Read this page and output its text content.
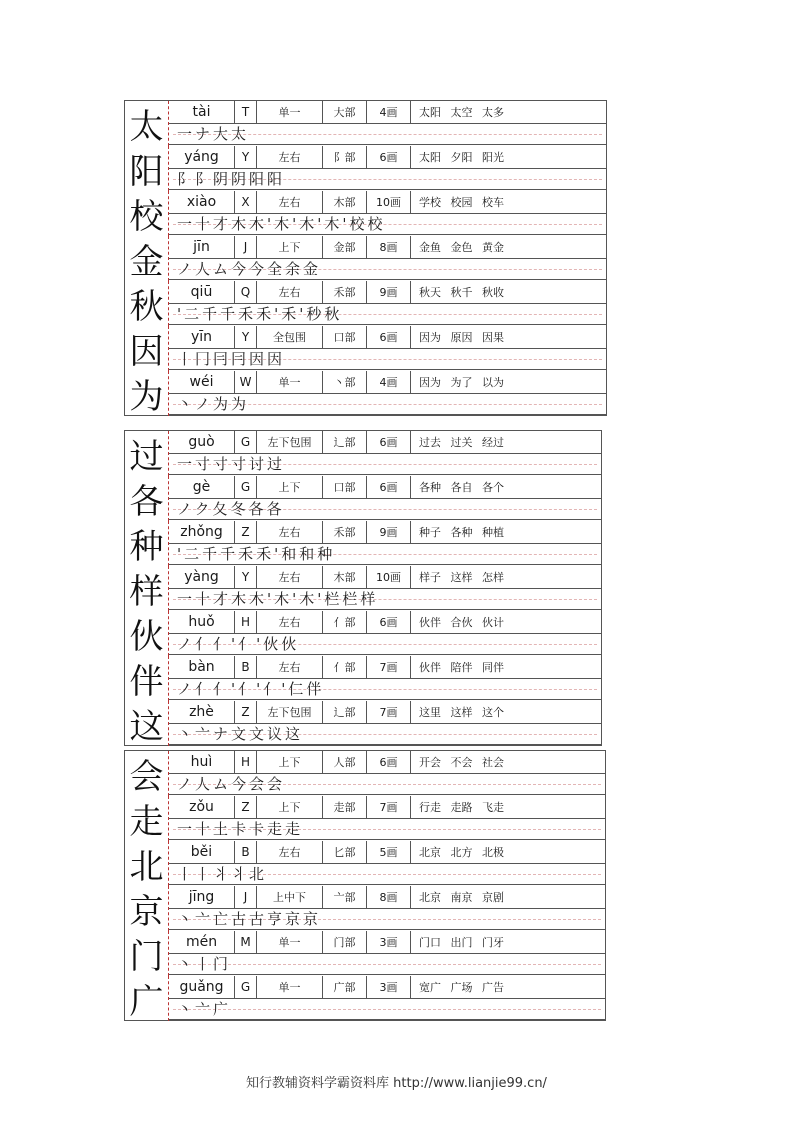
太	tài	T	单一	大部	4画	太阳 太空 太多
一ナ大太
阳	yáng	Y	左右	阝部	6画	太阳 夕阳 阳光
阝阝阴阴阳阳
校	xiào	X	左右	木部	10画	学校 校园 校车
一十才木木'木'木'木'校校
金	jīn	J	上下	金部	8画	金鱼 金色 黄金
ノ人ム今今全余金
秋	qiū	Q	左右	禾部	9画	秋天 秋千 秋收
'二千千禾禾'禾'秒秋
因	yīn	Y	全包围	口部	6画	因为 原因 因果
丨冂冃冃因因
为	wéi	W	单一	丶部	4画	因为 为了 以为
丶ノ为为
过	guò	G	左下包围	辶部	6画	过去 过关 经过
一寸寸寸讨过
各	gè	G	上下	口部	6画	各种 各自 各个
ノク夂冬各各
种	zhǒng	Z	左右	禾部	9画	种子 各种 种植
'二千千禾禾'和和种
样	yàng	Y	左右	木部	10画	样子 这样 怎样
一十才木木'木'木'栏栏样
伙	huǒ	H	左右	亻部	6画	伙伴 合伙 伙计
ノ亻亻'亻'伙伙
伴	bàn	B	左右	亻部	7画	伙伴 陪伴 同伴
ノ亻亻'亻'亻'仁伴
这	zhè	Z	左下包围	辶部	7画	这里 这样 这个
丶亠ナ文文议这
会	huì	H	上下	人部	6画	开会 不会 社会
ノ人ム今会会
走	zǒu	Z	上下	走部	7画	行走 走路 飞走
一十土卡卡走走
北	běi	B	左右	匕部	5画	北京 北方 北极
丨丨丬丬北
京	jīng	J	上中下	亠部	8画	北京 南京 京剧
丶亠亡古古亨京京
门	mén	M	单一	门部	3画	门口 出门 门牙
丶丨门
广	guǎng	G	单一	广部	3画	宽广 广场 广告
丶亠广
知行教辅资料学霸资料库 http://www.lianjie99.cn/
